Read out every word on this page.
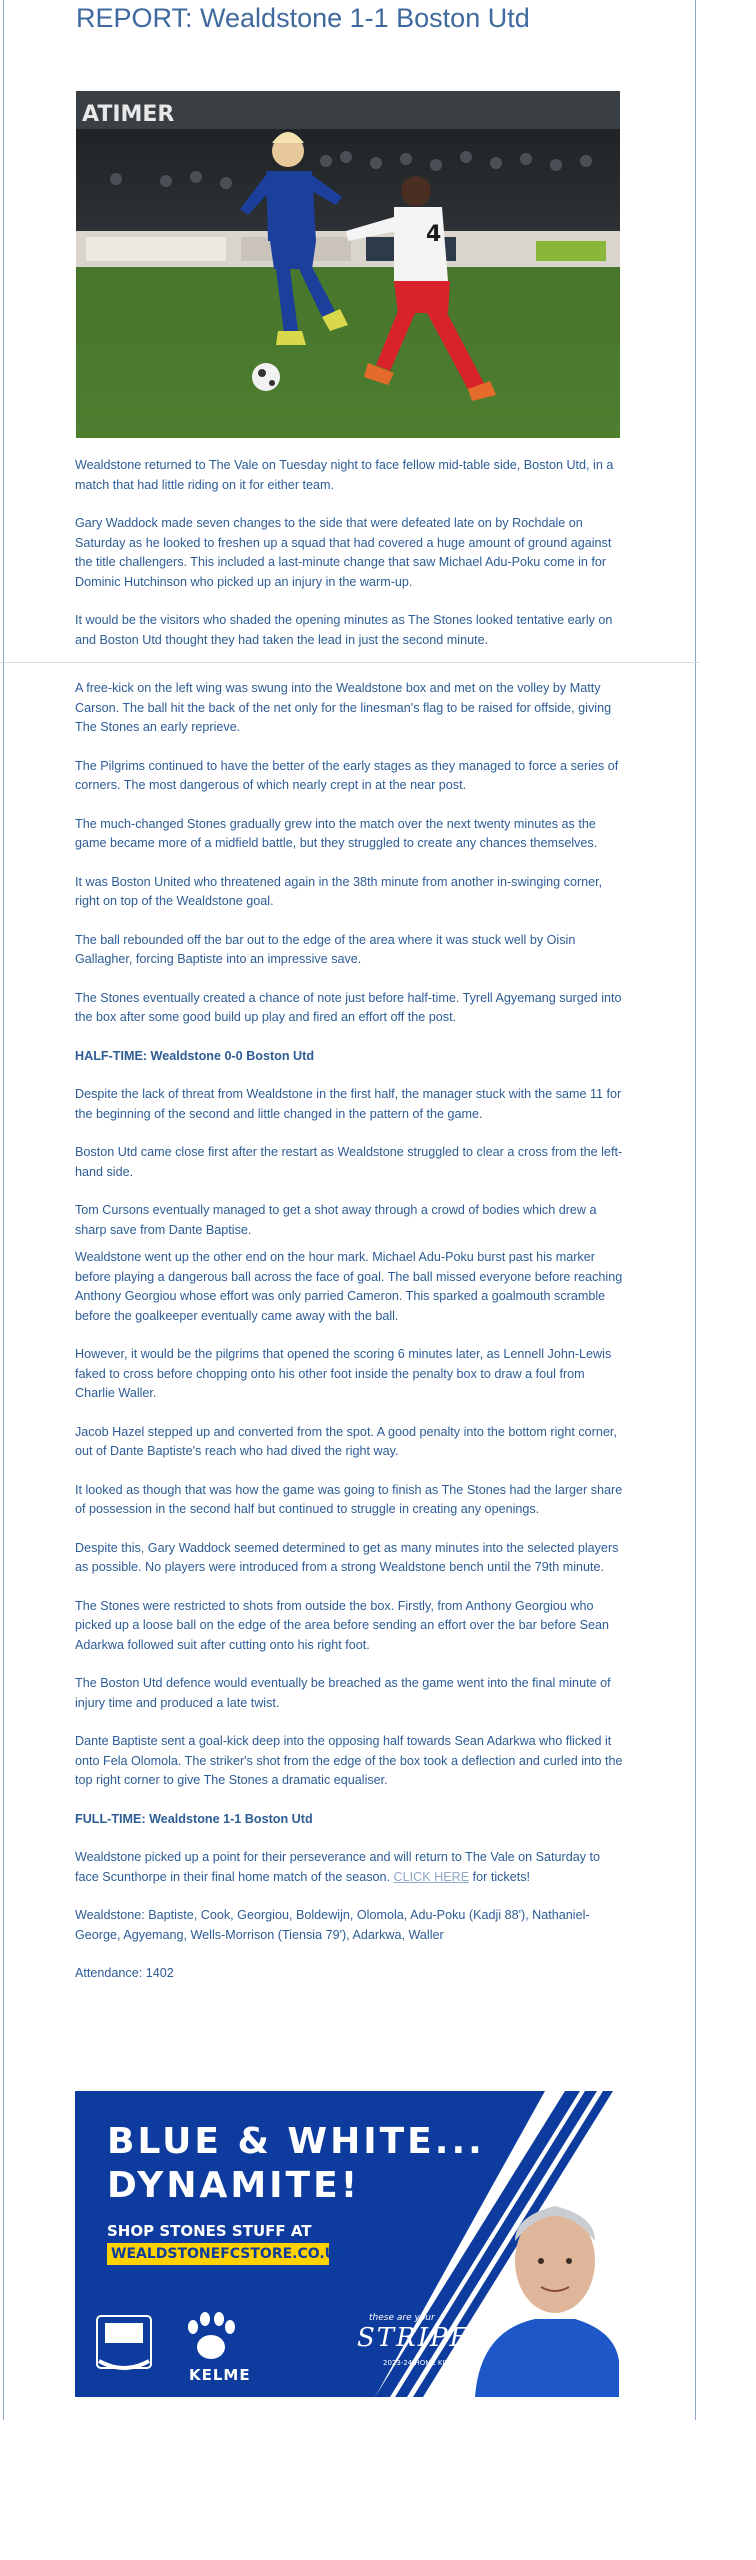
REPORT: Wealdstone 1-1 Boston Utd
ATIMER
4

Wealdstone returned to The Vale on Tuesday night to face fellow mid-table side, Boston Utd, in a match that had little riding on it for either team.

Gary Waddock made seven changes to the side that were defeated late on by Rochdale on Saturday as he looked to freshen up a squad that had covered a huge amount of ground against the title challengers. This included a last-minute change that saw Michael Adu-Poku come in for Dominic Hutchinson who picked up an injury in the warm-up.

It would be the visitors who shaded the opening minutes as The Stones looked tentative early on and Boston Utd thought they had taken the lead in just the second minute.

A free-kick on the left wing was swung into the Wealdstone box and met on the volley by Matty Carson. The ball hit the back of the net only for the linesman's flag to be raised for offside, giving The Stones an early reprieve.

The Pilgrims continued to have the better of the early stages as they managed to force a series of corners. The most dangerous of which nearly crept in at the near post.

The much-changed Stones gradually grew into the match over the next twenty minutes as the game became more of a midfield battle, but they struggled to create any chances themselves.

It was Boston United who threatened again in the 38th minute from another in-swinging corner, right on top of the Wealdstone goal.

The ball rebounded off the bar out to the edge of the area where it was stuck well by Oisin Gallagher, forcing Baptiste into an impressive save.

The Stones eventually created a chance of note just before half-time. Tyrell Agyemang surged into the box after some good build up play and fired an effort off the post.

HALF-TIME: Wealdstone 0-0 Boston Utd

Despite the lack of threat from Wealdstone in the first half, the manager stuck with the same 11 for the beginning of the second and little changed in the pattern of the game.

Boston Utd came close first after the restart as Wealdstone struggled to clear a cross from the left-hand side.

Tom Cursons eventually managed to get a shot away through a crowd of bodies which drew a sharp save from Dante Baptise.

Wealdstone went up the other end on the hour mark. Michael Adu-Poku burst past his marker before playing a dangerous ball across the face of goal. The ball missed everyone before reaching Anthony Georgiou whose effort was only parried Cameron. This sparked a goalmouth scramble before the goalkeeper eventually came away with the ball.

However, it would be the pilgrims that opened the scoring 6 minutes later, as Lennell John-Lewis faked to cross before chopping onto his other foot inside the penalty box to draw a foul from Charlie Waller.

Jacob Hazel stepped up and converted from the spot. A good penalty into the bottom right corner, out of Dante Baptiste's reach who had dived the right way.

It looked as though that was how the game was going to finish as The Stones had the larger share of possession in the second half but continued to struggle in creating any openings.

Despite this, Gary Waddock seemed determined to get as many minutes into the selected players as possible. No players were introduced from a strong Wealdstone bench until the 79th minute.

The Stones were restricted to shots from outside the box. Firstly, from Anthony Georgiou who picked up a loose ball on the edge of the area before sending an effort over the bar before Sean Adarkwa followed suit after cutting onto his right foot.

The Boston Utd defence would eventually be breached as the game went into the final minute of injury time and produced a late twist.

Dante Baptiste sent a goal-kick deep into the opposing half towards Sean Adarkwa who flicked it onto Fela Olomola. The striker's shot from the edge of the box took a deflection and curled into the top right corner to give The Stones a dramatic equaliser.

FULL-TIME: Wealdstone 1-1 Boston Utd

Wealdstone picked up a point for their perseverance and will return to The Vale on Saturday to face Scunthorpe in their final home match of the season. CLICK HERE for tickets!

Wealdstone: Baptiste, Cook, Georgiou, Boldewijn, Olomola, Adu-Poku (Kadji 88'), Nathaniel-George, Agyemang, Wells-Morrison (Tiensia 79'), Adarkwa, Waller

Attendance: 1402

BLUE & WHITE...
DYNAMITE!
SHOP STONES STUFF AT
WEALDSTONEFCSTORE.CO.UK
KELME
these are your
STRIPES
2023-24 HOME KIT
